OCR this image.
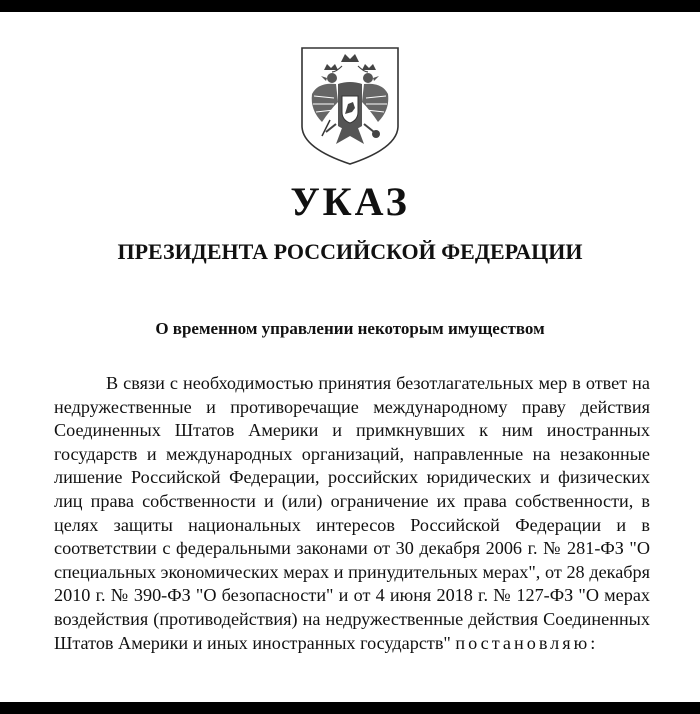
УКАЗ
ПРЕЗИДЕНТА РОССИЙСКОЙ ФЕДЕРАЦИИ
О временном управлении некоторым имуществом

В связи с необходимостью принятия безотлагательных мер в ответ на недружественные и противоречащие международному праву действия Соединенных Штатов Америки и примкнувших к ним иностранных государств и международных организаций, направленные на незаконные лишение Российской Федерации, российских юридических и физических лиц права собственности и (или) ограничение их права собственности, в целях защиты национальных интересов Российской Федерации и в соответствии с федеральными законами от 30 декабря 2006 г. № 281-ФЗ "О специальных экономических мерах и принудительных мерах", от 28 декабря 2010 г. № 390-ФЗ "О безопасности" и от 4 июня 2018 г. № 127-ФЗ "О мерах воздействия (противодействия) на недружественные действия Соединенных Штатов Америки и иных иностранных государств" постановляю:
